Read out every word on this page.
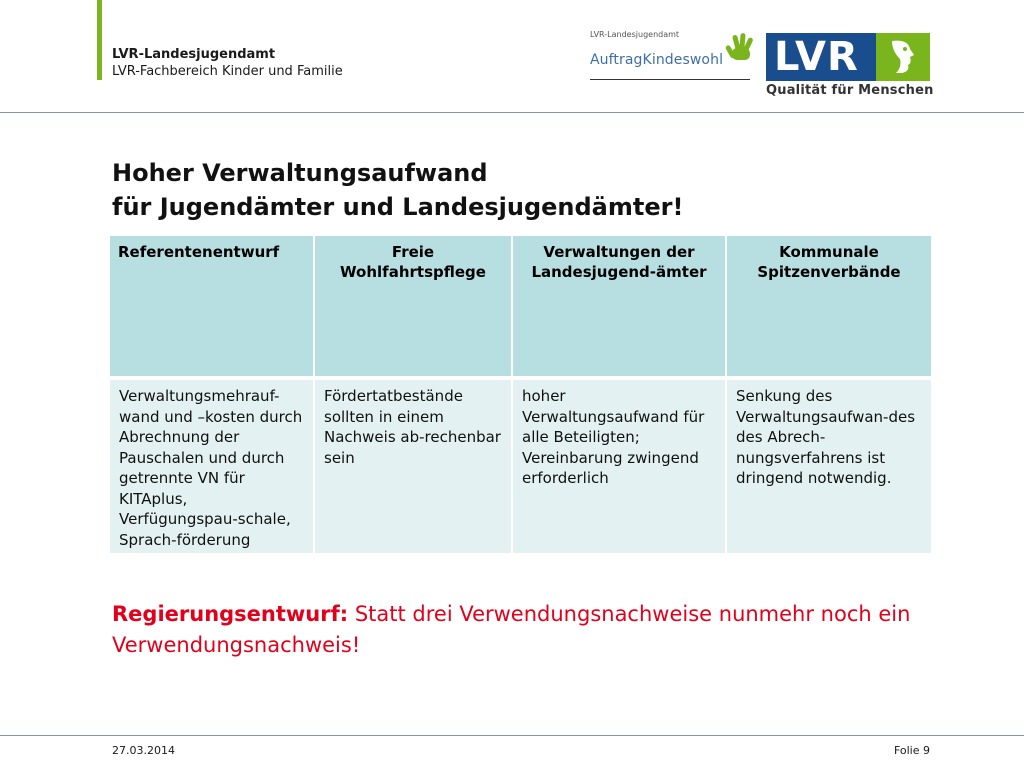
LVR-Landesjugendamt
LVR-Fachbereich Kinder und Familie
LVR-Landesjugendamt
AuftragKindeswohl LVR
Qualität für Menschen
Hoher Verwaltungsaufwand
für Jugendämter und Landesjugendämter!
Referentenentwurf	Freie Wohlfahrtspflege	Verwaltungen der Landesjugend-ämter	Kommunale Spitzenverbände
Verwaltungsmehrauf-wand und –kosten durch Abrechnung der Pauschalen und durch getrennte VN für KITAplus, Verfügungspau-schale, Sprach-förderung	Fördertatbestände sollten in einem Nachweis ab-rechenbar sein	hoher Verwaltungsaufwand für alle Beteiligten; Vereinbarung zwingend erforderlich	Senkung des Verwaltungsaufwan-des des Abrech-nungsverfahrens ist dringend notwendig.
Regierungsentwurf: Statt drei Verwendungsnachweise nunmehr noch ein Verwendungsnachweis!
27.03.2014	Folie 9
